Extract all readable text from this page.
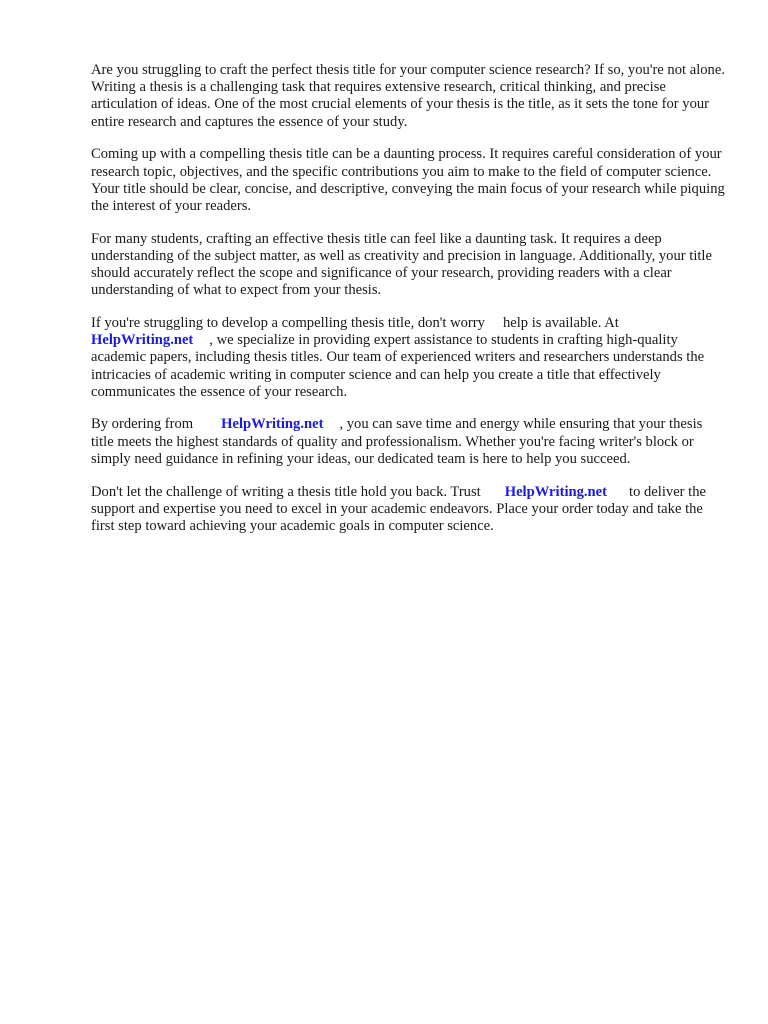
Are you struggling to craft the perfect thesis title for your computer science research? If so, you're not alone. Writing a thesis is a challenging task that requires extensive research, critical thinking, and precise articulation of ideas. One of the most crucial elements of your thesis is the title, as it sets the tone for your entire research and captures the essence of your study.

Coming up with a compelling thesis title can be a daunting process. It requires careful consideration of your research topic, objectives, and the specific contributions you aim to make to the field of computer science. Your title should be clear, concise, and descriptive, conveying the main focus of your research while piquing the interest of your readers.

For many students, crafting an effective thesis title can feel like a daunting task. It requires a deep understanding of the subject matter, as well as creativity and precision in language. Additionally, your title should accurately reflect the scope and significance of your research, providing readers with a clear understanding of what to expect from your thesis.

If you're struggling to develop a compelling thesis title, don't worry help is available. At HelpWriting.net , we specialize in providing expert assistance to students in crafting high-quality academic papers, including thesis titles. Our team of experienced writers and researchers understands the intricacies of academic writing in computer science and can help you create a title that effectively communicates the essence of your research.

By ordering from HelpWriting.net , you can save time and energy while ensuring that your thesis title meets the highest standards of quality and professionalism. Whether you're facing writer's block or simply need guidance in refining your ideas, our dedicated team is here to help you succeed.

Don't let the challenge of writing a thesis title hold you back. Trust HelpWriting.net to deliver the support and expertise you need to excel in your academic endeavors. Place your order today and take the first step toward achieving your academic goals in computer science.
